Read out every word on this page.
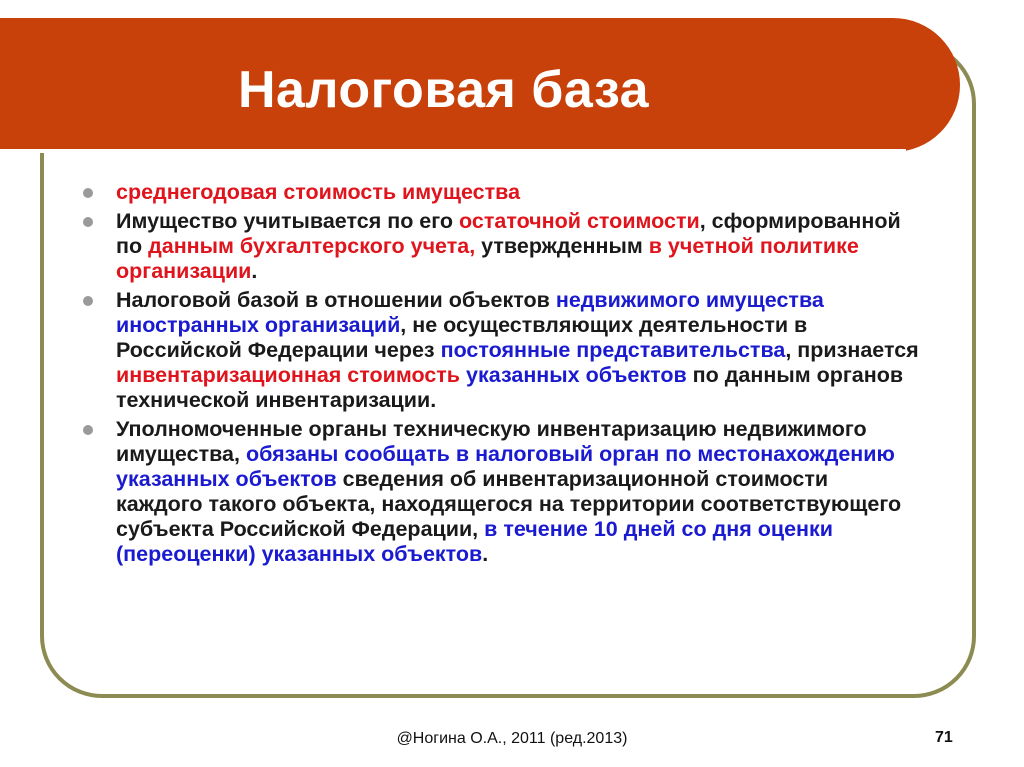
Налоговая база
среднегодовая стоимость имущества
Имущество учитывается по его остаточной стоимости, сформированной по данным бухгалтерского учета, утвержденным в учетной политике организации.
Налоговой базой в отношении объектов недвижимого имущества иностранных организаций, не осуществляющих деятельности в Российской Федерации через постоянные представительства, признается инвентаризационная стоимость указанных объектов по данным органов технической инвентаризации.
Уполномоченные органы техническую инвентаризацию недвижимого имущества, обязаны сообщать в налоговый орган по местонахождению указанных объектов сведения об инвентаризационной стоимости каждого такого объекта, находящегося на территории соответствующего субъекта Российской Федерации, в течение 10 дней со дня оценки (переоценки) указанных объектов.
@Ногина О.А., 2011 (ред.2013)	71
